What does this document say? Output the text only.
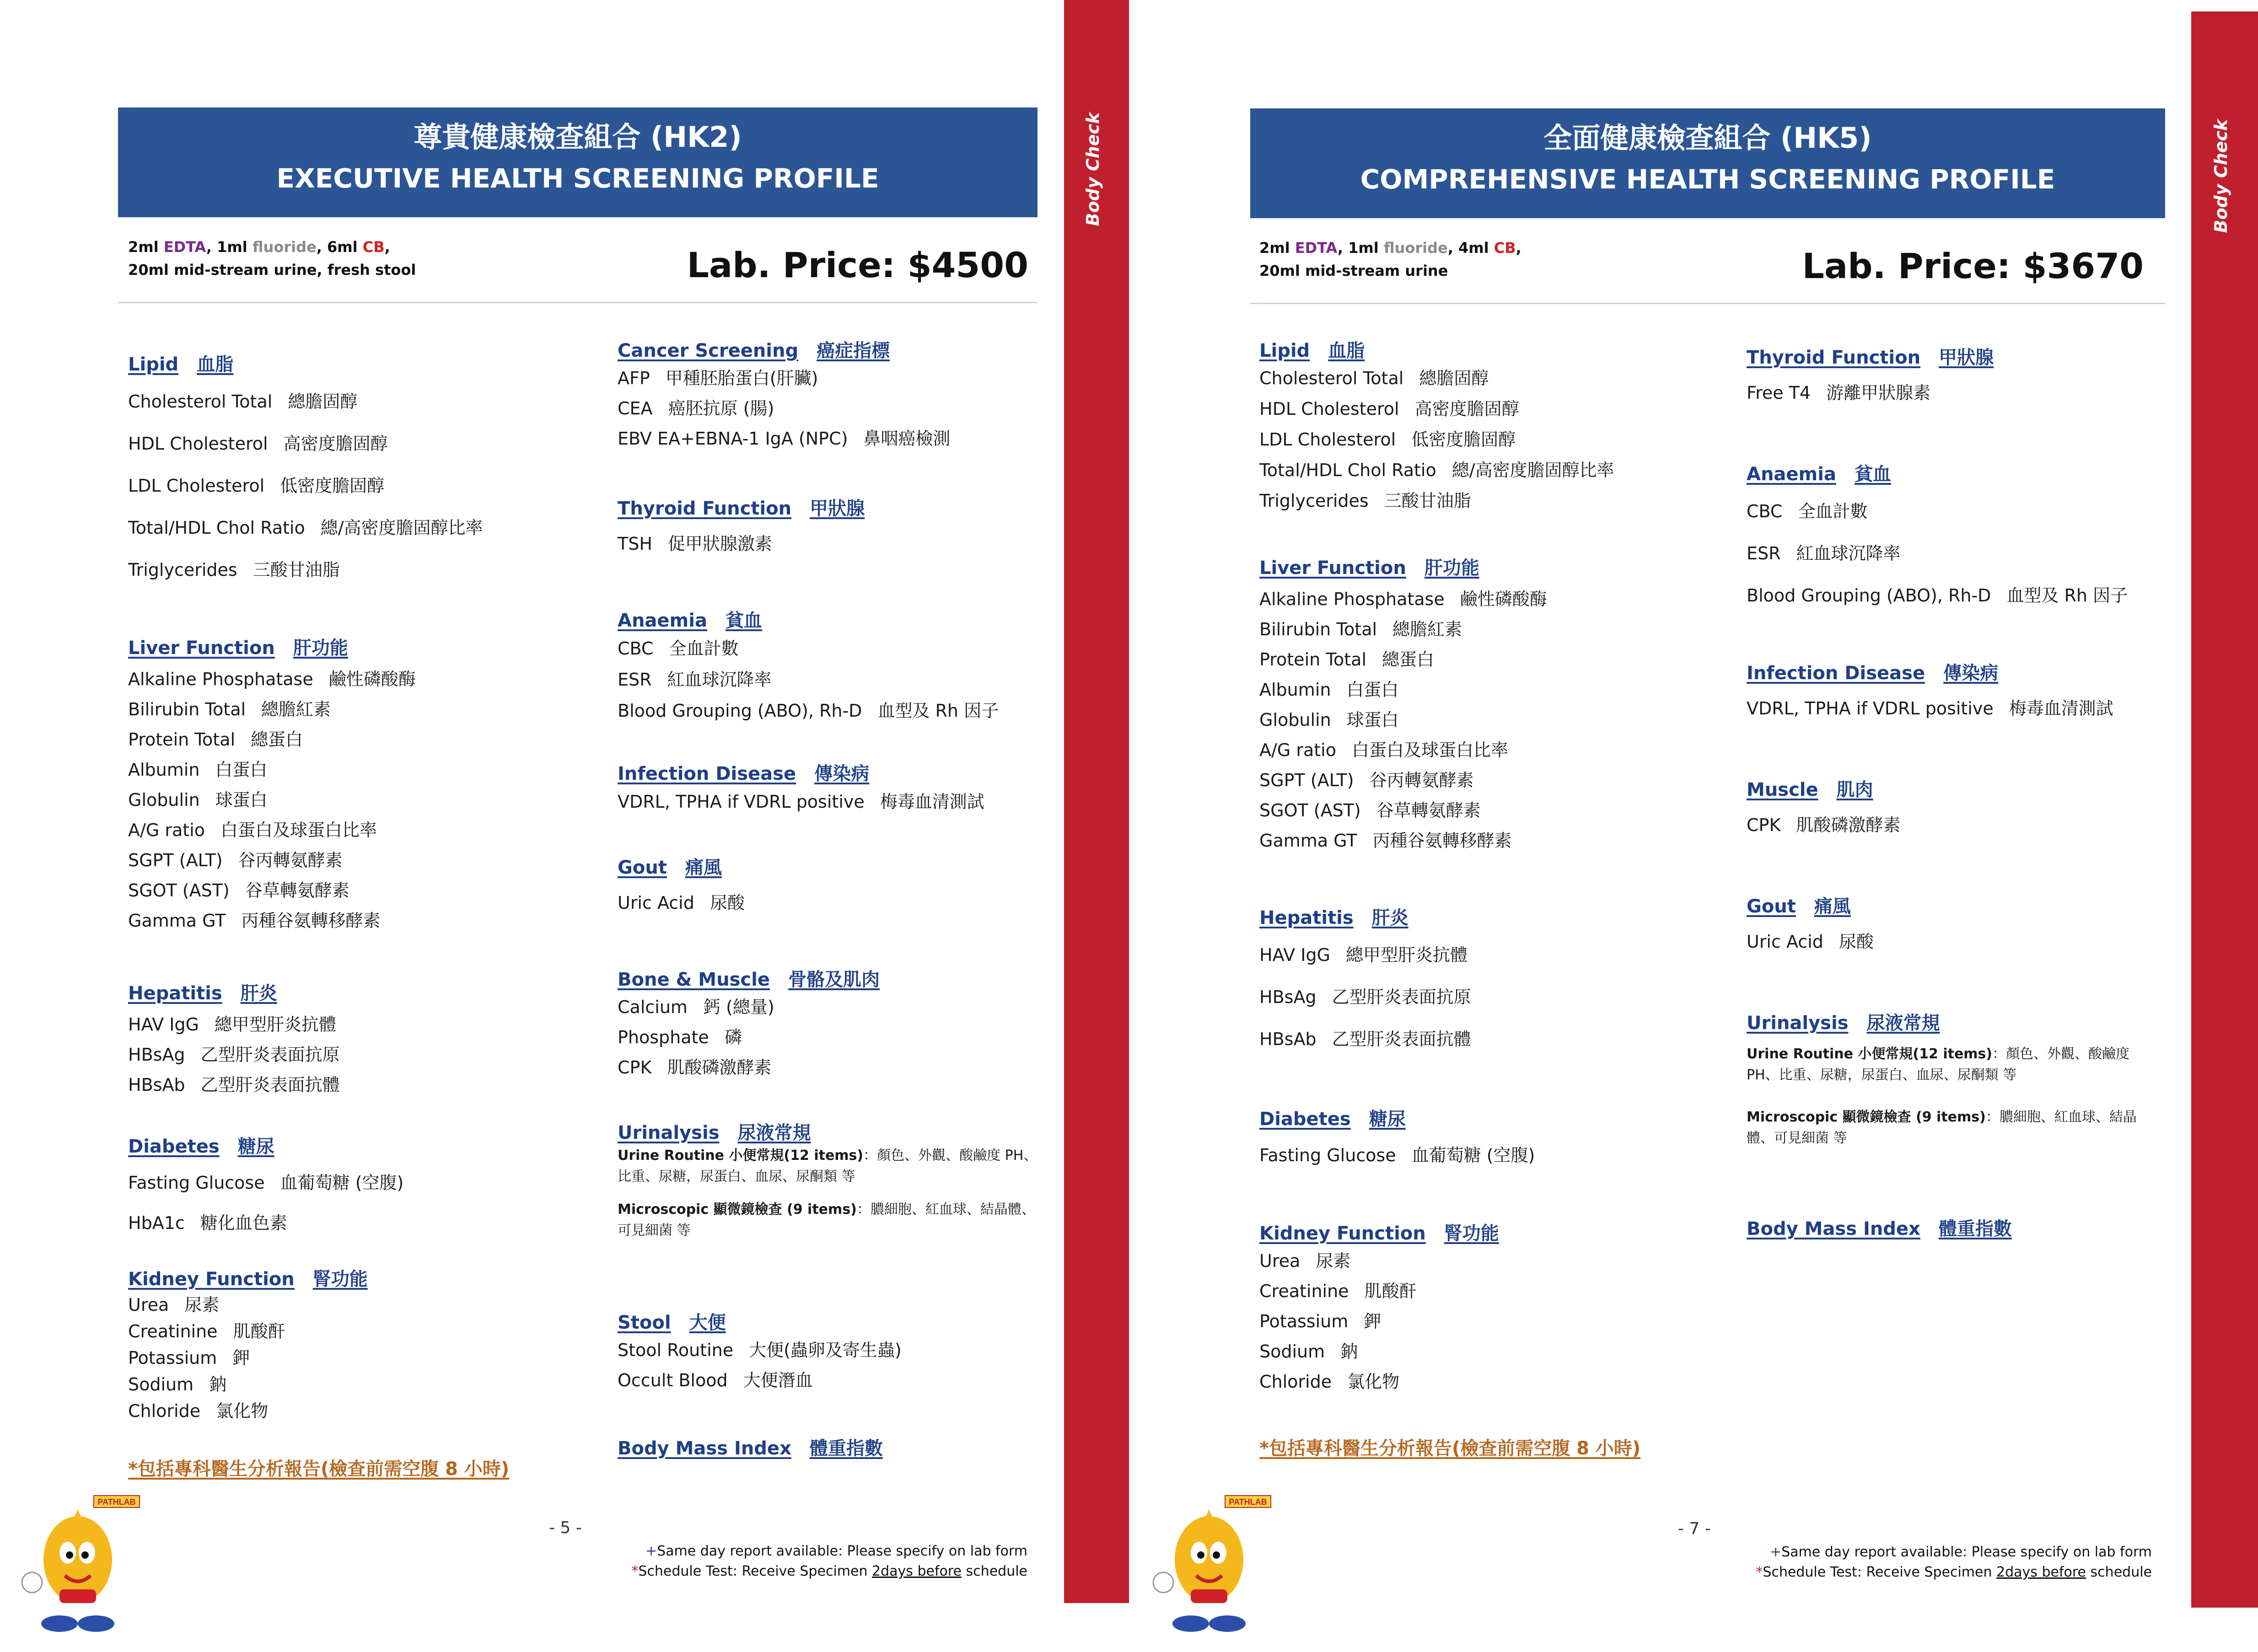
Body Check
尊貴健康檢查組合 (HK2)
EXECUTIVE HEALTH SCREENING PROFILE
2ml EDTA, 1ml fluoride, 6ml CB,
20ml mid-stream urine, fresh stool	Lab. Price: $4500
Lipid 血脂
Cholesterol Total 總膽固醇
HDL Cholesterol 高密度膽固醇
LDL Cholesterol 低密度膽固醇
Total/HDL Chol Ratio 總/高密度膽固醇比率
Triglycerides 三酸甘油脂
Liver Function 肝功能
Alkaline Phosphatase 鹼性磷酸酶
Bilirubin Total 總膽紅素
Protein Total 總蛋白
Albumin 白蛋白
Globulin 球蛋白
A/G ratio 白蛋白及球蛋白比率
SGPT (ALT) 谷丙轉氨酵素
SGOT (AST) 谷草轉氨酵素
Gamma GT 丙種谷氨轉移酵素
Hepatitis 肝炎
HAV IgG 總甲型肝炎抗體
HBsAg 乙型肝炎表面抗原
HBsAb 乙型肝炎表面抗體
Diabetes 糖尿
Fasting Glucose 血葡萄糖 (空腹)
HbA1c 糖化血色素
Kidney Function 腎功能
Urea 尿素
Creatinine 肌酸酐
Potassium 鉀
Sodium 鈉
Chloride 氯化物
*包括專科醫生分析報告(檢查前需空腹 8 小時)
Cancer Screening 癌症指標
AFP 甲種胚胎蛋白(肝臟)
CEA 癌胚抗原 (腸)
EBV EA+EBNA-1 IgA (NPC) 鼻咽癌檢測
Thyroid Function 甲狀腺
TSH 促甲狀腺激素
Anaemia 貧血
CBC 全血計數
ESR 紅血球沉降率
Blood Grouping (ABO), Rh-D 血型及 Rh 因子
Infection Disease 傳染病
VDRL, TPHA if VDRL positive 梅毒血清測試
Gout 痛風
Uric Acid 尿酸
Bone & Muscle 骨骼及肌肉
Calcium 鈣 (總量)
Phosphate 磷
CPK 肌酸磷激酵素
Urinalysis 尿液常規
Urine Routine 小便常規(12 items)：顏色、外觀、酸鹼度 PH、比重、尿糖，尿蛋白、血尿、尿酮類 等
Microscopic 顯微鏡檢查 (9 items)：膿細胞、紅血球、結晶體、可見細菌 等
Stool 大便
Stool Routine 大便(蟲卵及寄生蟲)
Occult Blood 大便潛血
Body Mass Index 體重指數
PATHLAB
- 5 -
+Same day report available: Please specify on lab form
*Schedule Test: Receive Specimen 2days before schedule
Body Check
全面健康檢查組合 (HK5)
COMPREHENSIVE HEALTH SCREENING PROFILE
2ml EDTA, 1ml fluoride, 4ml CB,
20ml mid-stream urine	Lab. Price: $3670
Lipid 血脂
Cholesterol Total 總膽固醇
HDL Cholesterol 高密度膽固醇
LDL Cholesterol 低密度膽固醇
Total/HDL Chol Ratio 總/高密度膽固醇比率
Triglycerides 三酸甘油脂
Liver Function 肝功能
Alkaline Phosphatase 鹼性磷酸酶
Bilirubin Total 總膽紅素
Protein Total 總蛋白
Albumin 白蛋白
Globulin 球蛋白
A/G ratio 白蛋白及球蛋白比率
SGPT (ALT) 谷丙轉氨酵素
SGOT (AST) 谷草轉氨酵素
Gamma GT 丙種谷氨轉移酵素
Hepatitis 肝炎
HAV IgG 總甲型肝炎抗體
HBsAg 乙型肝炎表面抗原
HBsAb 乙型肝炎表面抗體
Diabetes 糖尿
Fasting Glucose 血葡萄糖 (空腹)
Kidney Function 腎功能
Urea 尿素
Creatinine 肌酸酐
Potassium 鉀
Sodium 鈉
Chloride 氯化物
*包括專科醫生分析報告(檢查前需空腹 8 小時)
Thyroid Function 甲狀腺
Free T4 游離甲狀腺素
Anaemia 貧血
CBC 全血計數
ESR 紅血球沉降率
Blood Grouping (ABO), Rh-D 血型及 Rh 因子
Infection Disease 傳染病
VDRL, TPHA if VDRL positive 梅毒血清測試
Muscle 肌肉
CPK 肌酸磷激酵素
Gout 痛風
Uric Acid 尿酸
Urinalysis 尿液常規
Urine Routine 小便常規(12 items)：顏色、外觀、酸鹼度 PH、比重、尿糖，尿蛋白、血尿、尿酮類 等
Microscopic 顯微鏡檢查 (9 items)：膿細胞、紅血球、結晶體、可見細菌 等
Body Mass Index 體重指數
PATHLAB
- 7 -
+Same day report available: Please specify on lab form
*Schedule Test: Receive Specimen 2days before schedule
